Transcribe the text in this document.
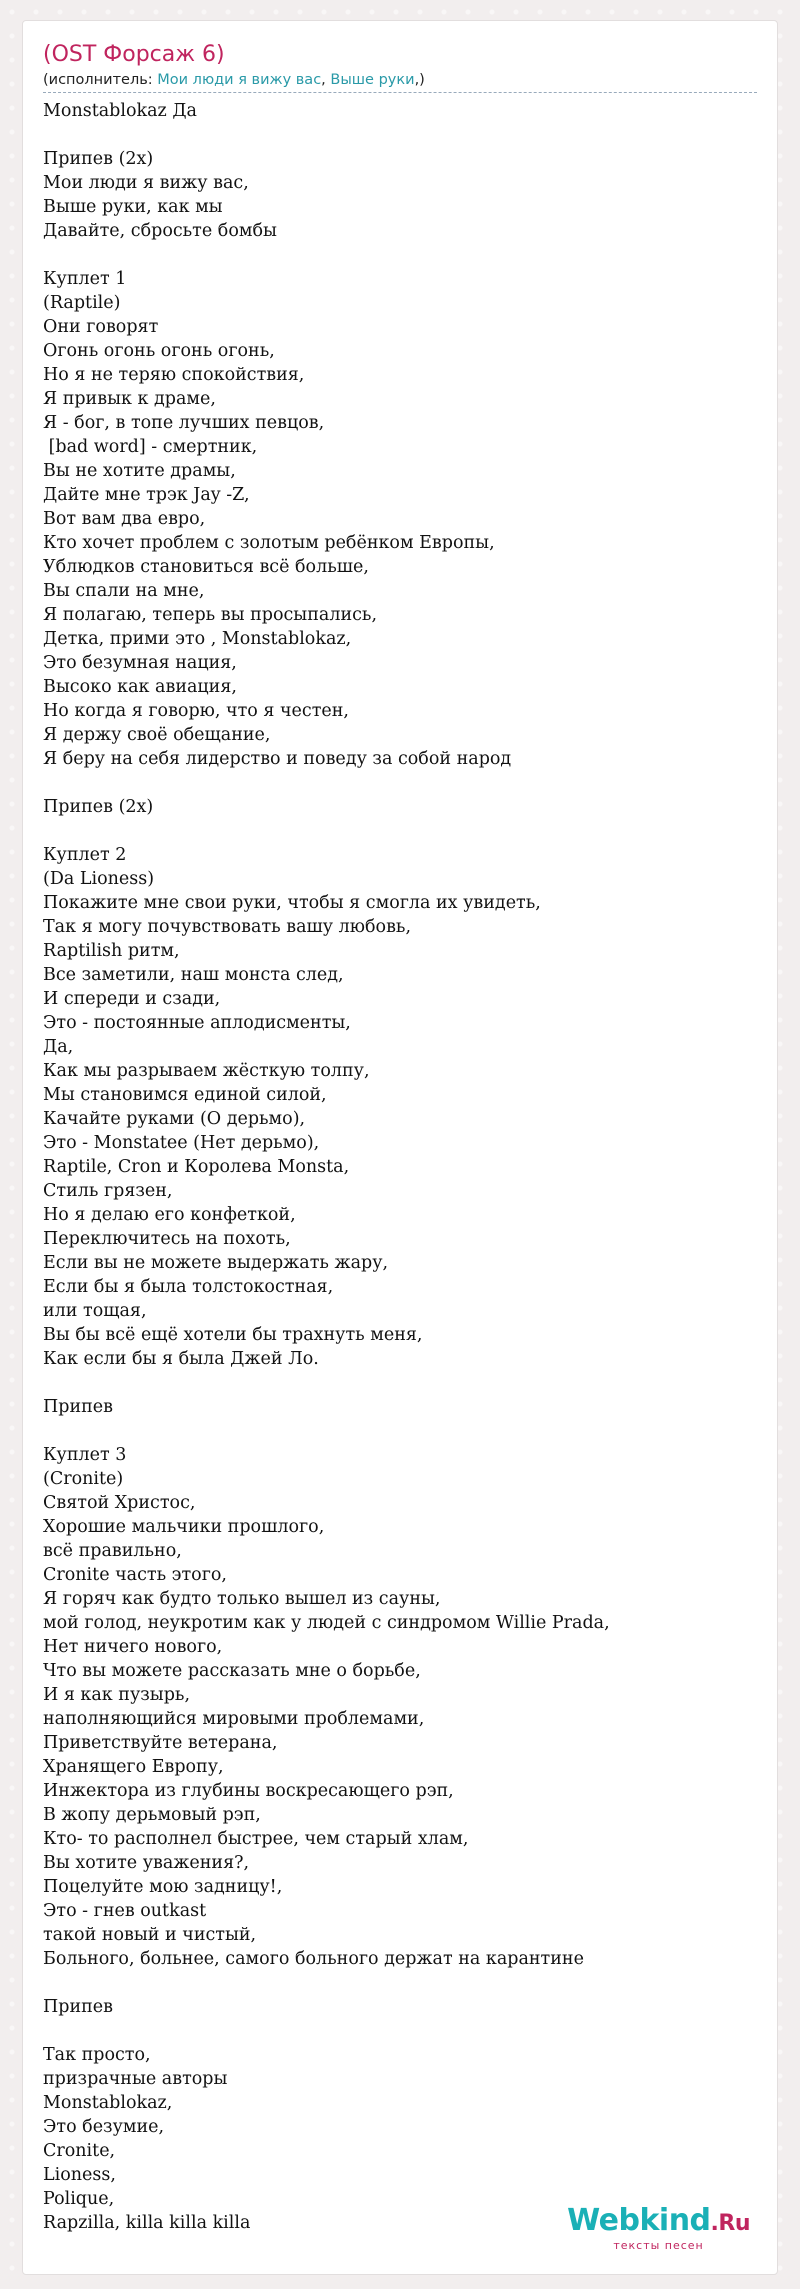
(OST Форсаж 6)
(исполнитель: Мои люди я вижу вас, Выше руки,)
Monstablokaz Да
Припев (2х)
Мои люди я вижу вас,
Выше руки, как мы
Давайте, сбросьте бомбы
Куплет 1
(Raptile)
Они говорят
Огонь огонь огонь огонь,
Но я не теряю спокойствия,
Я привык к драме,
Я - бог, в топе лучших певцов,
[bad word] - смертник,
Вы не хотите драмы,
Дайте мне трэк Jay -Z,
Вот вам два евро,
Кто хочет проблем с золотым ребёнком Европы,
Ублюдков становиться всё больше,
Вы спали на мне,
Я полагаю, теперь вы просыпались,
Детка, прими это , Monstablokaz,
Это безумная нация,
Высоко как авиация,
Но когда я говорю, что я честен,
Я держу своё обещание,
Я беру на себя лидерство и поведу за собой народ
Припев (2х)
Куплет 2
(Da Lioness)
Покажите мне свои руки, чтобы я смогла их увидеть,
Так я могу почувствовать вашу любовь,
Raptilish ритм,
Все заметили, наш монста след,
И спереди и сзади,
Это - постоянные аплодисменты,
Да,
Как мы разрываем жёсткую толпу,
Мы становимся единой силой,
Качайте руками (О дерьмо),
Это - Monstatee (Нет дерьмо),
Raptile, Cron и Королева Monsta,
Стиль грязен,
Но я делаю его конфеткой,
Переключитесь на похоть,
Если вы не можете выдержать жару,
Если бы я была толстокостная,
или тощая,
Вы бы всё ещё хотели бы трахнуть меня,
Как если бы я была Джей Ло.
Припев
Куплет 3
(Cronite)
Святой Христос,
Хорошие мальчики прошлого,
всё правильно,
Cronite часть этого,
Я горяч как будто только вышел из сауны,
мой голод, неукротим как у людей с синдромом Willie Prada,
Нет ничего нового,
Что вы можете рассказать мне о борьбе,
И я как пузырь,
наполняющийся мировыми проблемами,
Приветствуйте ветерана,
Хранящего Европу,
Инжектора из глубины воскресающего рэп,
В жопу дерьмовый рэп,
Кто- то располнел быстрее, чем старый хлам,
Вы хотите уважения?,
Поцелуйте мою задницу!,
Это - гнев outkast
такой новый и чистый,
Больного, больнее, самого больного держат на карантине
Припев
Так просто,
призрачные авторы
Monstablokaz,
Это безумие,
Cronite,
Lioness,
Polique,
Rapzilla, killa killa killa	Webkind.Ru
тексты песен
